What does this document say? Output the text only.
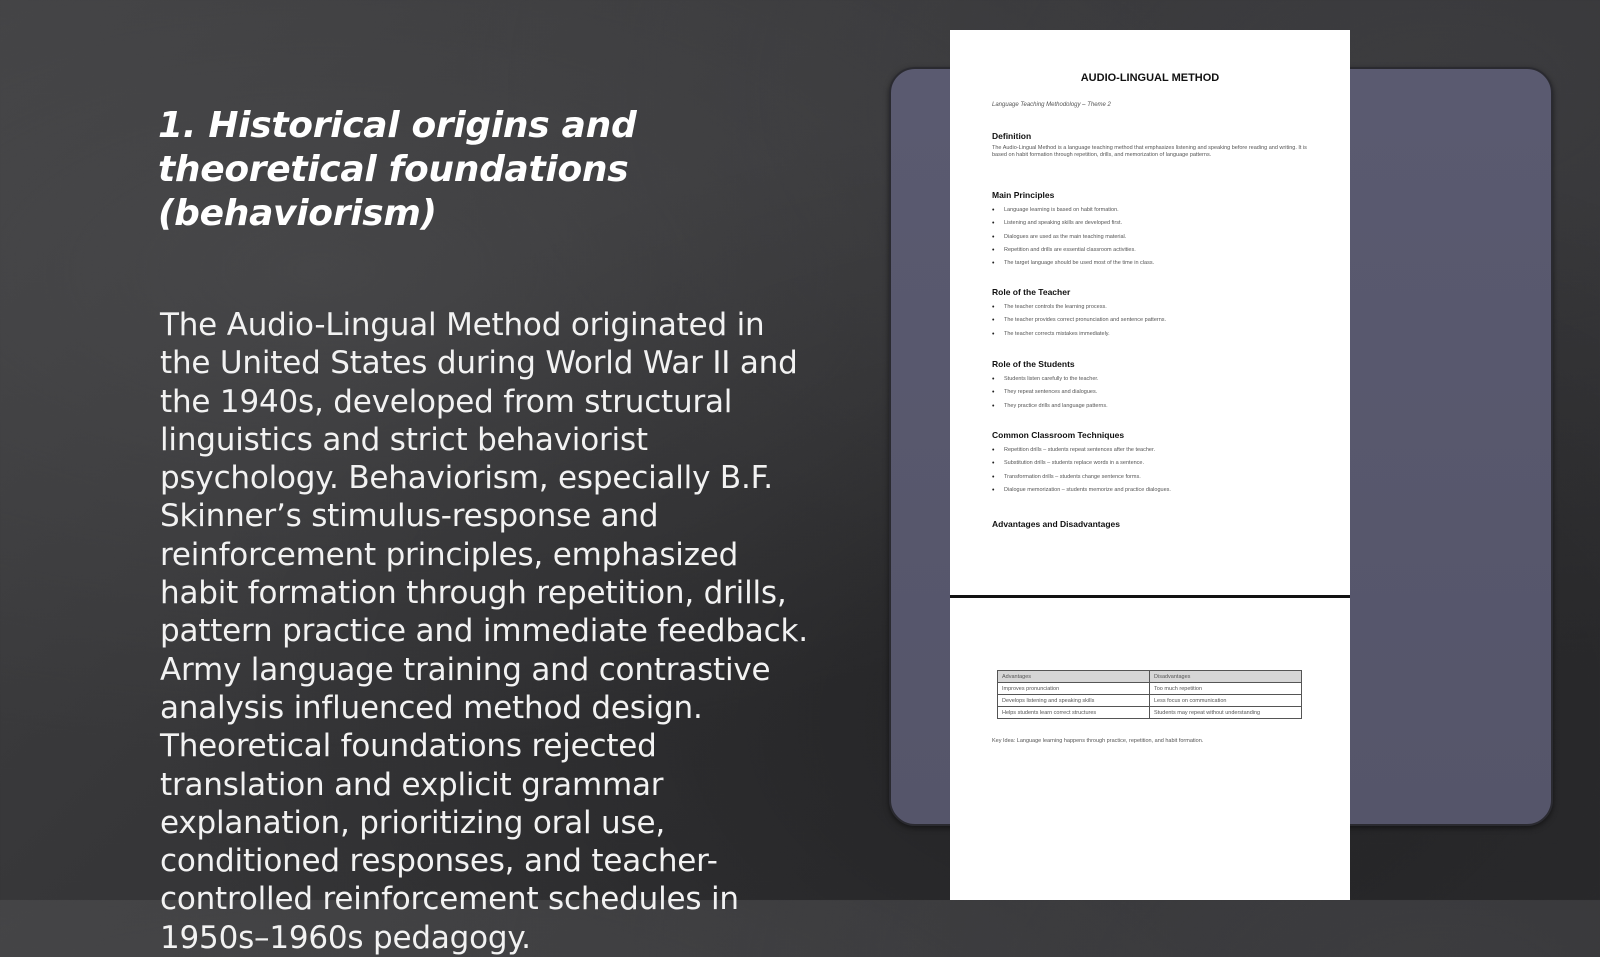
1. Historical origins and theoretical foundations (behaviorism)

The Audio-Lingual Method originated in the United States during World War II and the 1940s, developed from structural linguistics and strict behaviorist psychology. Behaviorism, especially B.F. Skinner’s stimulus-response and reinforcement principles, emphasized habit formation through repetition, drills, pattern practice and immediate feedback. Army language training and contrastive analysis influenced method design. Theoretical foundations rejected translation and explicit grammar explanation, prioritizing oral use, conditioned responses, and teacher-controlled reinforcement schedules in 1950s–1960s pedagogy.

AUDIO-LINGUAL METHOD
Language Teaching Methodology – Theme 2
Definition

The Audio-Lingual Method is a language teaching method that emphasizes listening and speaking before reading and writing. It is based on habit formation through repetition, drills, and memorization of language patterns.

Main Principles
• Language learning is based on habit formation.
• Listening and speaking skills are developed first.
• Dialogues are used as the main teaching material.
• Repetition and drills are essential classroom activities.
• The target language should be used most of the time in class.
Role of the Teacher
• The teacher controls the learning process.
• The teacher provides correct pronunciation and sentence patterns.
• The teacher corrects mistakes immediately.
Role of the Students
• Students listen carefully to the teacher.
• They repeat sentences and dialogues.
• They practice drills and language patterns.
Common Classroom Techniques
• Repetition drills – students repeat sentences after the teacher.
• Substitution drills – students replace words in a sentence.
• Transformation drills – students change sentence forms.
• Dialogue memorization – students memorize and practice dialogues.
Advantages and Disadvantages
Advantages	Disadvantages
Improves pronunciation	Too much repetition
Develops listening and speaking skills	Less focus on communication
Helps students learn correct structures	Students may repeat without understanding
Key Idea: Language learning happens through practice, repetition, and habit formation.
